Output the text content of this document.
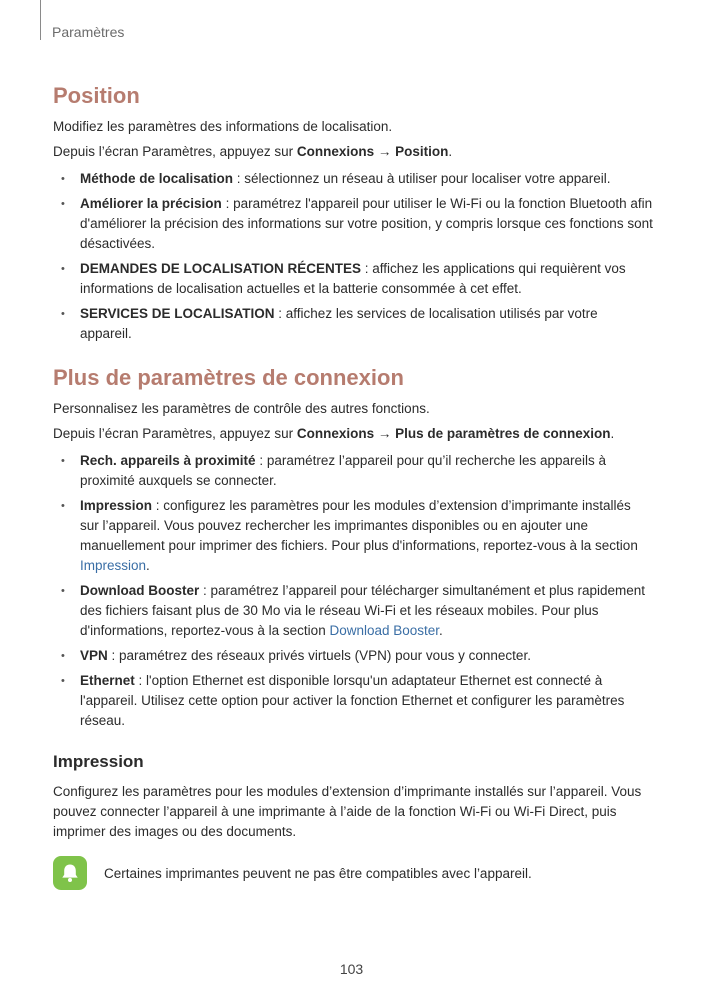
Paramètres
Position

Modifiez les paramètres des informations de localisation.

Depuis l’écran Paramètres, appuyez sur Connexions → Position.

• Méthode de localisation : sélectionnez un réseau à utiliser pour localiser votre appareil.
• Améliorer la précision : paramétrez l'appareil pour utiliser le Wi-Fi ou la fonction Bluetooth afin d'améliorer la précision des informations sur votre position, y compris lorsque ces fonctions sont désactivées.
• DEMANDES DE LOCALISATION RÉCENTES : affichez les applications qui requièrent vos informations de localisation actuelles et la batterie consommée à cet effet.
• SERVICES DE LOCALISATION : affichez les services de localisation utilisés par votre appareil.
Plus de paramètres de connexion

Personnalisez les paramètres de contrôle des autres fonctions.

Depuis l’écran Paramètres, appuyez sur Connexions → Plus de paramètres de connexion.

• Rech. appareils à proximité : paramétrez l’appareil pour qu’il recherche les appareils à proximité auxquels se connecter.
• Impression : configurez les paramètres pour les modules d’extension d’imprimante installés sur l’appareil. Vous pouvez rechercher les imprimantes disponibles ou en ajouter une manuellement pour imprimer des fichiers. Pour plus d'informations, reportez-vous à la section Impression.
• Download Booster : paramétrez l’appareil pour télécharger simultanément et plus rapidement des fichiers faisant plus de 30 Mo via le réseau Wi-Fi et les réseaux mobiles. Pour plus d'informations, reportez-vous à la section Download Booster.
• VPN : paramétrez des réseaux privés virtuels (VPN) pour vous y connecter.
• Ethernet : l'option Ethernet est disponible lorsqu'un adaptateur Ethernet est connecté à l'appareil. Utilisez cette option pour activer la fonction Ethernet et configurer les paramètres réseau.
Impression

Configurez les paramètres pour les modules d’extension d’imprimante installés sur l’appareil. Vous pouvez connecter l’appareil à une imprimante à l’aide de la fonction Wi-Fi ou Wi-Fi Direct, puis imprimer des images ou des documents.

Certaines imprimantes peuvent ne pas être compatibles avec l’appareil.
103
